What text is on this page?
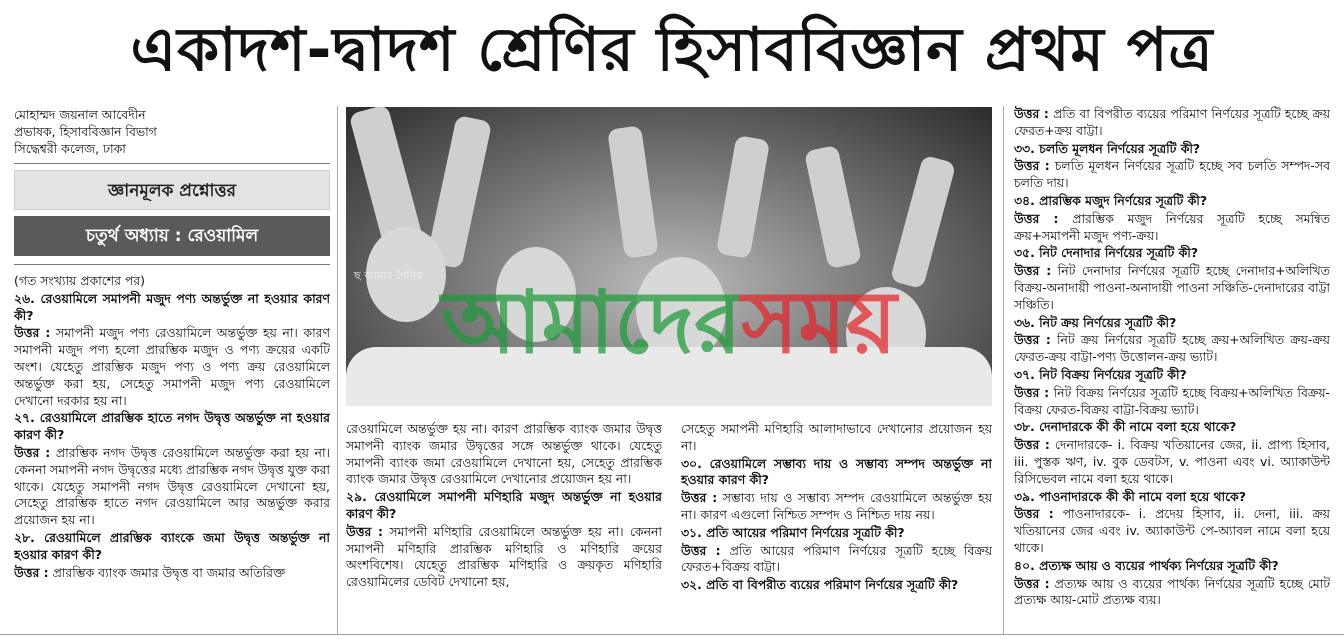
একাদশ-দ্বাদশ শ্রেণির হিসাববিজ্ঞান প্রথম পত্র
মোহাম্মদ জয়নাল আবেদীন
প্রভাষক, হিসাববিজ্ঞান বিভাগ
সিদ্ধেশ্বরী কলেজ, ঢাকা
জ্ঞানমূলক প্রশ্নোত্তর
চতুর্থ অধ্যায় : রেওয়ামিল

(গত সংখ্যায় প্রকাশের পর)

২৬. রেওয়ামিলে সমাপনী মজুদ পণ্য অন্তর্ভুক্ত না হওয়ার কারণ কী?

উত্তর : সমাপনী মজুদ পণ্য রেওয়ামিলে অন্তর্ভুক্ত হয় না। কারণ সমাপনী মজুদ পণ্য হলো প্রারম্ভিক মজুদ ও পণ্য ক্রয়ের একটি অংশ। যেহেতু প্রারম্ভিক মজুদ পণ্য ও পণ্য ক্রয় রেওয়ামিলে অন্তর্ভুক্ত করা হয়, সেহেতু সমাপনী মজুদ পণ্য রেওয়ামিলে দেখানো দরকার হয় না।

২৭. রেওয়ামিলে প্রারম্ভিক হাতে নগদ উদ্বৃত্ত অন্তর্ভুক্ত না হওয়ার কারণ কী?

উত্তর : প্রারম্ভিক নগদ উদ্বৃত্ত রেওয়ামিলে অন্তর্ভুক্ত করা হয় না। কেননা সমাপনী নগদ উদ্বৃত্তের মধ্যে প্রারম্ভিক নগদ উদ্বৃত্ত যুক্ত করা থাকে। যেহেতু সমাপনী নগদ উদ্বৃত্ত রেওয়ামিলে দেখানো হয়, সেহেতু প্রারম্ভিক হাতে নগদ রেওয়ামিলে আর অন্তর্ভুক্ত করার প্রয়োজন হয় না।

২৮. রেওয়ামিলে প্রারম্ভিক ব্যাংকে জমা উদ্বৃত্ত অন্তর্ভুক্ত না হওয়ার কারণ কী?

উত্তর : প্রারম্ভিক ব্যাংক জমার উদ্বৃত্ত বা জমার অতিরিক্ত

ছ আমার দৈনিক আমাদেরসময়

রেওয়ামিলে অন্তর্ভুক্ত হয় না। কারণ প্রারম্ভিক ব্যাংক জমার উদ্বৃত্ত সমাপনী ব্যাংক জমার উদ্বৃত্তের সঙ্গে অন্তর্ভুক্ত থাকে। যেহেতু সমাপনী ব্যাংক জমা রেওয়ামিলে দেখানো হয়, সেহেতু প্রারম্ভিক ব্যাংক জমার উদ্বৃত্ত রেওয়ামিলে দেখানোর প্রয়োজন হয় না।

২৯. রেওয়ামিলে সমাপনী মণিহারি মজুদ অন্তর্ভুক্ত না হওয়ার কারণ কী?

উত্তর : সমাপনী মণিহারি রেওয়ামিলে অন্তর্ভুক্ত হয় না। কেননা সমাপনী মণিহারি প্রারম্ভিক মণিহারি ও মণিহারি ক্রয়ের অংশবিশেষ। যেহেতু প্রারম্ভিক মণিহারি ও ক্রয়কৃত মণিহারি রেওয়ামিলের ডেবিট দেখানো হয়,

সেহেতু সমাপনী মণিহারি আলাদাভাবে দেখানোর প্রয়োজন হয় না।

৩০. রেওয়ামিলে সম্ভাব্য দায় ও সম্ভাব্য সম্পদ অন্তর্ভুক্ত না হওয়ার কারণ কী?

উত্তর : সম্ভাব্য দায় ও সম্ভাব্য সম্পদ রেওয়ামিলে অন্তর্ভুক্ত হয় না। কারণ এগুলো নিশ্চিত সম্পদ ও নিশ্চিত দায় নয়।

৩১. প্রতি আয়ের পরিমাণ নির্ণয়ের সূত্রটি কী?

উত্তর : প্রতি আয়ের পরিমাণ নির্ণয়ের সূত্রটি হচ্ছে বিক্রয় ফেরত+বিক্রয় বাট্টা।

৩২. প্রতি বা বিপরীত ব্যয়ের পরিমাণ নির্ণয়ের সূত্রটি কী?

উত্তর : প্রতি বা বিপরীত ব্যয়ের পরিমাণ নির্ণয়ের সূত্রটি হচ্ছে ক্রয় ফেরত+ক্রয় বাট্টা।

৩৩. চলতি মূলধন নির্ণয়ের সূত্রটি কী?

উত্তর : চলতি মূলধন নির্ণয়ের সূত্রটি হচ্ছে সব চলতি সম্পদ-সব চলতি দায়।

৩৪. প্রারম্ভিক মজুদ নির্ণয়ের সূত্রটি কী?

উত্তর : প্রারম্ভিক মজুদ নির্ণয়ের সূত্রটি হচ্ছে সমন্বিত ক্রয়+সমাপনী মজুদ পণ্য-ক্রয়।

৩৫. নিট দেনাদার নির্ণয়ের সূত্রটি কী?

উত্তর : নিট দেনাদার নির্ণয়ের সূত্রটি হচ্ছে দেনাদার+অলিখিত বিক্রয়-অনাদায়ী পাওনা-অনাদায়ী পাওনা সঞ্চিতি-দেনাদারের বাট্টা সঞ্চিতি।

৩৬. নিট ক্রয় নির্ণয়ের সূত্রটি কী?

উত্তর : নিট ক্রয় নির্ণয়ের সূত্রটি হচ্ছে ক্রয়+অলিখিত ক্রয়-ক্রয় ফেরত-ক্রয় বাট্টা-পণ্য উত্তোলন-ক্রয় ভ্যাট।

৩৭. নিট বিক্রয় নির্ণয়ের সূত্রটি কী?

উত্তর : নিট বিক্রয় নির্ণয়ের সূত্রটি হচ্ছে বিক্রয়+অলিখিত বিক্রয়-বিক্রয় ফেরত-বিক্রয় বাট্টা-বিক্রয় ভ্যাট।

৩৮. দেনাদারকে কী কী নামে বলা হয়ে থাকে?

উত্তর : দেনাদারকে- i. বিক্রয় খতিয়ানের জের, ii. প্রাপ্য হিসাব, iii. পুস্তক ঋণ, iv. বুক ডেবটস, v. পাওনা এবং vi. অ্যাকাউন্ট রিসিভেবল নামে বলা হয়ে থাকে।

৩৯. পাওনাদারকে কী কী নামে বলা হয়ে থাকে?

উত্তর : পাওনাদারকে- i. প্রদেয় হিসাব, ii. দেনা, iii. ক্রয় খতিয়ানের জের এবং iv. অ্যাকাউন্ট পে-অ্যাবল নামে বলা হয়ে থাকে।

৪০. প্রত্যক্ষ আয় ও ব্যয়ের পার্থক্য নির্ণয়ের সূত্রটি কী?

উত্তর : প্রত্যক্ষ আয় ও ব্যয়ের পার্থক্য নির্ণয়ের সূত্রটি হচ্ছে মোট প্রত্যক্ষ আয়-মোট প্রত্যক্ষ ব্যয়।
